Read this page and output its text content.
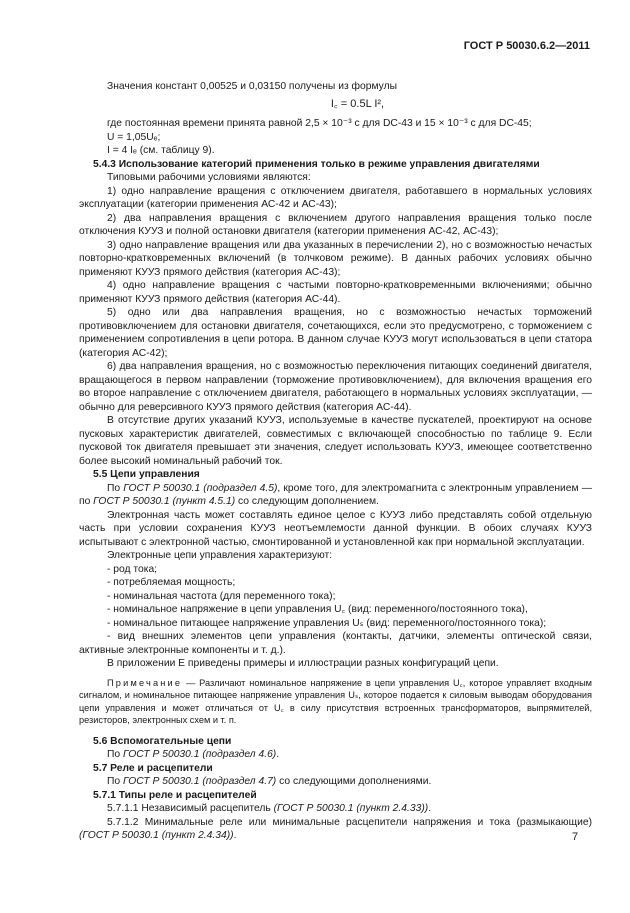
ГОСТ Р 50030.6.2—2011

Значения констант 0,00525 и 0,03150 получены из формулы

I꜀ = 0.5L I²,

где постоянная времени принята равной 2,5 × 10⁻³ с для DC-43 и 15 × 10⁻³ с для DC-45;

U = 1,05Uₑ;

I = 4 Iₑ (см. таблицу 9).

5.4.3 Использование категорий применения только в режиме управления двигателями

Типовыми рабочими условиями являются:

1) одно направление вращения с отключением двигателя, работавшего в нормальных условиях эксплуатации (категории применения АС-42 и АС-43);

2) два направления вращения с включением другого направления вращения только после отключения КУУЗ и полной остановки двигателя (категории применения АС-42, АС-43);

3) одно направление вращения или два указанных в перечислении 2), но с возможностью нечастых повторно-кратковременных включений (в толчковом режиме). В данных рабочих условиях обычно применяют КУУЗ прямого действия (категория АС-43);

4) одно направление вращения с частыми повторно-кратковременными включениями; обычно применяют КУУЗ прямого действия (категория АС-44).

5) одно или два направления вращения, но с возможностью нечастых торможений противовключением для остановки двигателя, сочетающихся, если это предусмотрено, с торможением с применением сопротивления в цепи ротора. В данном случае КУУЗ могут использоваться в цепи статора (категория АС-42);

6) два направления вращения, но с возможностью переключения питающих соединений двигателя, вращающегося в первом направлении (торможение противовключением), для включения вращения его во второе направление с отключением двигателя, работающего в нормальных условиях эксплуатации, — обычно для реверсивного КУУЗ прямого действия (категория АС-44).

В отсутствие других указаний КУУЗ, используемые в качестве пускателей, проектируют на основе пусковых характеристик двигателей, совместимых с включающей способностью по таблице 9. Если пусковой ток двигателя превышает эти значения, следует использовать КУУЗ, имеющее соответственно более высокий номинальный рабочий ток.

5.5 Цепи управления

По ГОСТ Р 50030.1 (подраздел 4.5), кроме того, для электромагнита с электронным управлением — по ГОСТ Р 50030.1 (пункт 4.5.1) со следующим дополнением.

Электронная часть может составлять единое целое с КУУЗ либо представлять собой отдельную часть при условии сохранения КУУЗ неотъемлемости данной функции. В обоих случаях КУУЗ испытывают с электронной частью, смонтированной и установленной как при нормальной эксплуатации.

Электронные цепи управления характеризуют:

- род тока;

- потребляемая мощность;

- номинальная частота (для переменного тока);

- номинальное напряжение в цепи управления U꜀ (вид: переменного/постоянного тока),

- номинальное питающее напряжение управления Uₛ (вид: переменного/постоянного тока);

- вид внешних элементов цепи управления (контакты, датчики, элементы оптической связи, активные электронные компоненты и т. д.).

В приложении Е приведены примеры и иллюстрации разных конфигураций цепи.

Примечание — Различают номинальное напряжение в цепи управления U꜀, которое управляет входным сигналом, и номинальное питающее напряжение управления Uₛ, которое подается к силовым выводам оборудования цепи управления и может отличаться от U꜀ в силу присутствия встроенных трансформаторов, выпрямителей, резисторов, электронных схем и т. п.

5.6 Вспомогательные цепи

По ГОСТ Р 50030.1 (подраздел 4.6).

5.7 Реле и расцепители

По ГОСТ Р 50030.1 (подраздел 4.7) со следующими дополнениями.

5.7.1 Типы реле и расцепителей

5.7.1.1 Независимый расцепитель (ГОСТ Р 50030.1 (пункт 2.4.33)).

5.7.1.2 Минимальные реле или минимальные расцепители напряжения и тока (размыкающие) (ГОСТ Р 50030.1 (пункт 2.4.34)).	7
